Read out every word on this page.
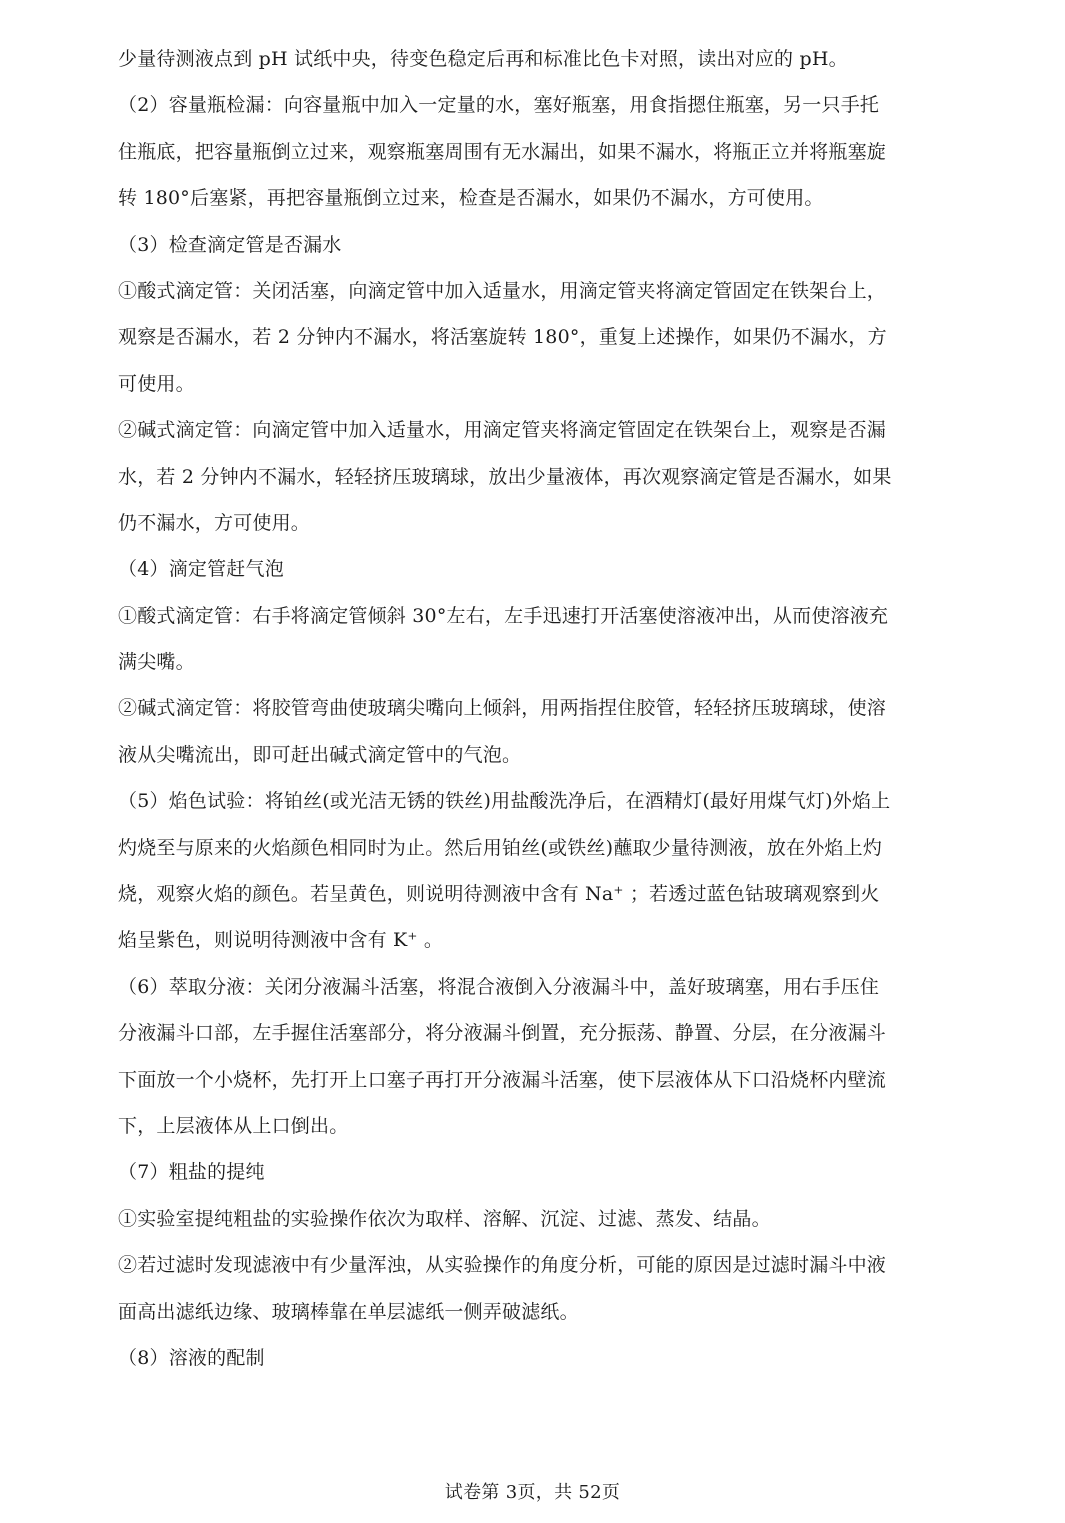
少量待测液点到 pH 试纸中央，待变色稳定后再和标准比色卡对照，读出对应的 pH。
（2）容量瓶检漏：向容量瓶中加入一定量的水，塞好瓶塞，用食指摁住瓶塞，另一只手托
住瓶底，把容量瓶倒立过来，观察瓶塞周围有无水漏出，如果不漏水，将瓶正立并将瓶塞旋
转 180°后塞紧，再把容量瓶倒立过来，检查是否漏水，如果仍不漏水，方可使用。
（3）检查滴定管是否漏水
①酸式滴定管：关闭活塞，向滴定管中加入适量水，用滴定管夹将滴定管固定在铁架台上，
观察是否漏水，若 2 分钟内不漏水，将活塞旋转 180°，重复上述操作，如果仍不漏水，方
可使用。
②碱式滴定管：向滴定管中加入适量水，用滴定管夹将滴定管固定在铁架台上，观察是否漏
水，若 2 分钟内不漏水，轻轻挤压玻璃球，放出少量液体，再次观察滴定管是否漏水，如果
仍不漏水，方可使用。
（4）滴定管赶气泡
①酸式滴定管：右手将滴定管倾斜 30°左右，左手迅速打开活塞使溶液冲出，从而使溶液充
满尖嘴。
②碱式滴定管：将胶管弯曲使玻璃尖嘴向上倾斜，用两指捏住胶管，轻轻挤压玻璃球，使溶
液从尖嘴流出，即可赶出碱式滴定管中的气泡。
（5）焰色试验：将铂丝(或光洁无锈的铁丝)用盐酸洗净后，在酒精灯(最好用煤气灯)外焰上
灼烧至与原来的火焰颜色相同时为止。然后用铂丝(或铁丝)蘸取少量待测液，放在外焰上灼
烧，观察火焰的颜色。若呈黄色，则说明待测液中含有 Na⁺ ；若透过蓝色钴玻璃观察到火
焰呈紫色，则说明待测液中含有 K⁺ 。
（6）萃取分液：关闭分液漏斗活塞，将混合液倒入分液漏斗中，盖好玻璃塞，用右手压住
分液漏斗口部，左手握住活塞部分，将分液漏斗倒置，充分振荡、静置、分层，在分液漏斗
下面放一个小烧杯，先打开上口塞子再打开分液漏斗活塞，使下层液体从下口沿烧杯内壁流
下，上层液体从上口倒出。
（7）粗盐的提纯
①实验室提纯粗盐的实验操作依次为取样、溶解、沉淀、过滤、蒸发、结晶。
②若过滤时发现滤液中有少量浑浊，从实验操作的角度分析，可能的原因是过滤时漏斗中液
面高出滤纸边缘、玻璃棒靠在单层滤纸一侧弄破滤纸。
（8）溶液的配制
试卷第 3页，共 52页
